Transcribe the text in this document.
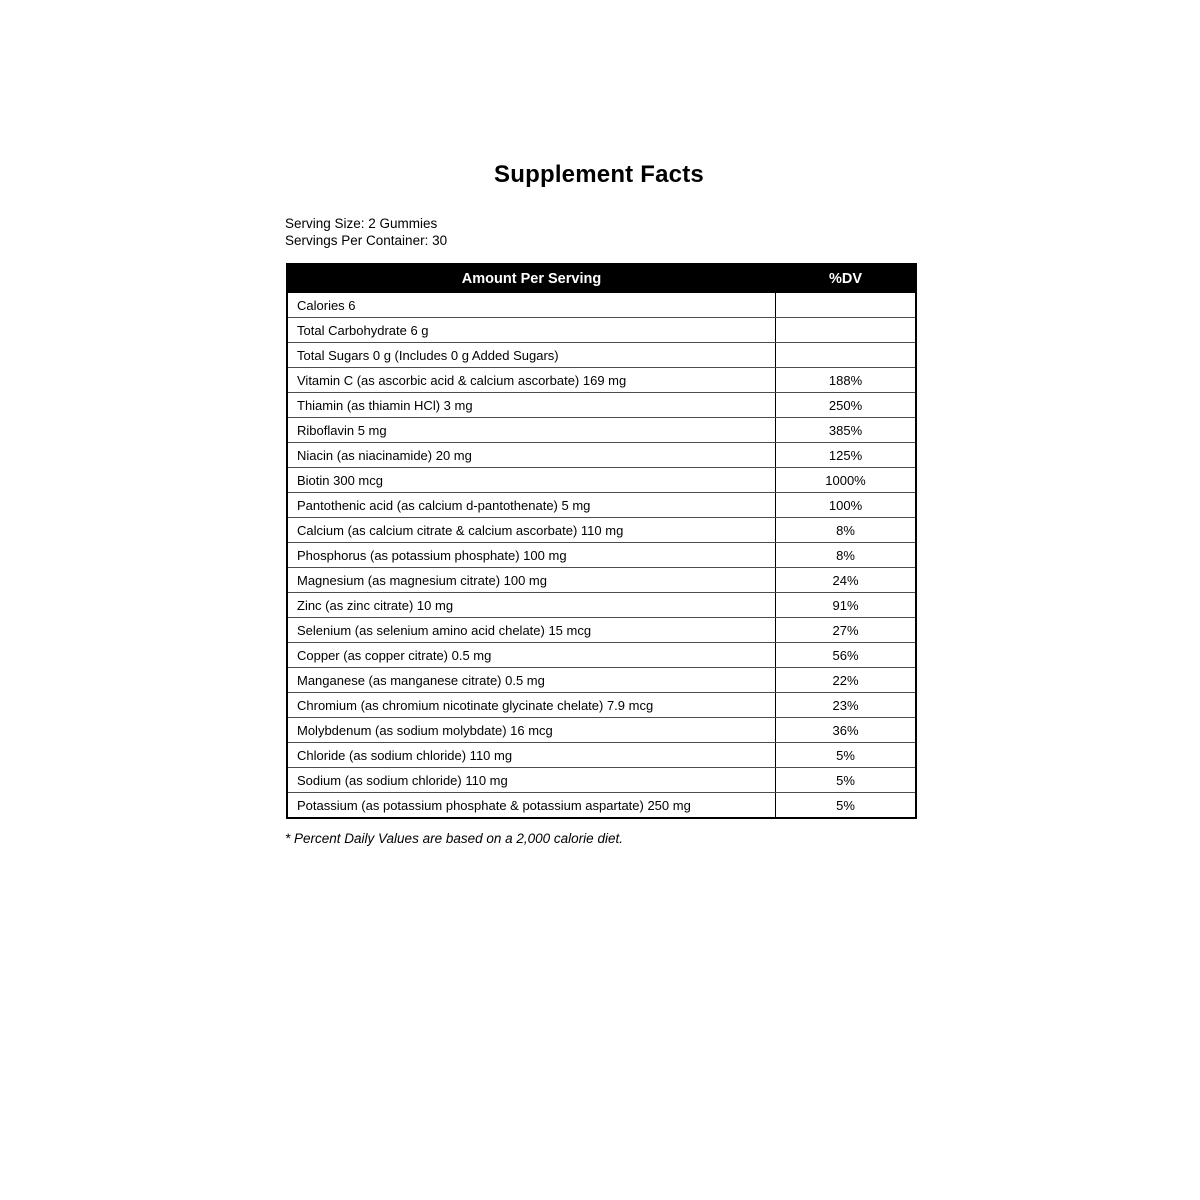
Supplement Facts
Serving Size: 2 Gummies
Servings Per Container: 30
Amount Per Serving	%DV
Calories 6	
Total Carbohydrate 6 g	
Total Sugars 0 g (Includes 0 g Added Sugars)	
Vitamin C (as ascorbic acid & calcium ascorbate) 169 mg	188%
Thiamin (as thiamin HCl) 3 mg	250%
Riboflavin 5 mg	385%
Niacin (as niacinamide) 20 mg	125%
Biotin 300 mcg	1000%
Pantothenic acid (as calcium d-pantothenate) 5 mg	100%
Calcium (as calcium citrate & calcium ascorbate) 110 mg	8%
Phosphorus (as potassium phosphate) 100 mg	8%
Magnesium (as magnesium citrate) 100 mg	24%
Zinc (as zinc citrate) 10 mg	91%
Selenium (as selenium amino acid chelate) 15 mcg	27%
Copper (as copper citrate) 0.5 mg	56%
Manganese (as manganese citrate) 0.5 mg	22%
Chromium (as chromium nicotinate glycinate chelate) 7.9 mcg	23%
Molybdenum (as sodium molybdate) 16 mcg	36%
Chloride (as sodium chloride) 110 mg	5%
Sodium (as sodium chloride) 110 mg	5%
Potassium (as potassium phosphate & potassium aspartate) 250 mg	5%
* Percent Daily Values are based on a 2,000 calorie diet.
